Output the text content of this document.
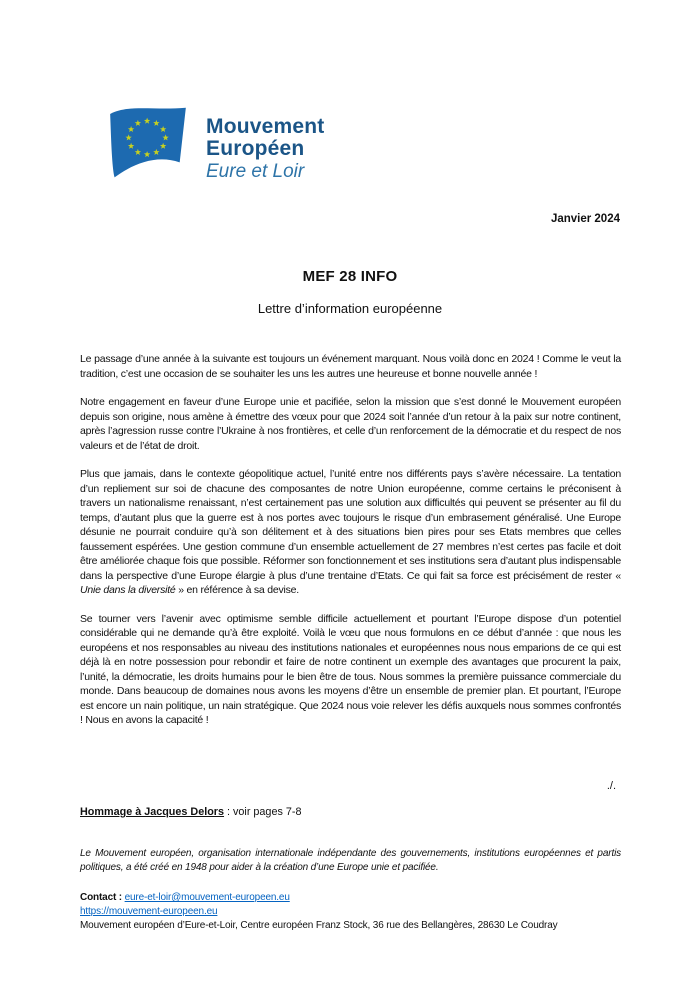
Mouvement
Européen
Eure et Loir
Janvier 2024
MEF 28 INFO
Lettre d’information européenne

Le passage d’une année à la suivante est toujours un événement marquant. Nous voilà donc en 2024 ! Comme le veut la tradition, c’est une occasion de se souhaiter les uns les autres une heureuse et bonne nouvelle année !

Notre engagement en faveur d’une Europe unie et pacifiée, selon la mission que s’est donné le Mouvement européen depuis son origine, nous amène à émettre des vœux pour que 2024 soit l’année d’un retour à la paix sur notre continent, après l’agression russe contre l’Ukraine à nos frontières, et celle d’un renforcement de la démocratie et du respect de nos valeurs et de l’état de droit.

Plus que jamais, dans le contexte géopolitique actuel, l’unité entre nos différents pays s’avère nécessaire. La tentation d’un repliement sur soi de chacune des composantes de notre Union européenne, comme certains le préconisent à travers un nationalisme renaissant, n’est certainement pas une solution aux difficultés qui peuvent se présenter au fil du temps, d’autant plus que la guerre est à nos portes avec toujours le risque d’un embrasement généralisé. Une Europe désunie ne pourrait conduire qu’à son délitement et à des situations bien pires pour ses Etats membres que celles faussement espérées. Une gestion commune d’un ensemble actuellement de 27 membres n’est certes pas facile et doit être améliorée chaque fois que possible. Réformer son fonctionnement et ses institutions sera d’autant plus indispensable dans la perspective d’une Europe élargie à plus d’une trentaine d’Etats. Ce qui fait sa force est précisément de rester « Unie dans la diversité » en référence à sa devise.

Se tourner vers l’avenir avec optimisme semble difficile actuellement et pourtant l’Europe dispose d’un potentiel considérable qui ne demande qu’à être exploité. Voilà le vœu que nous formulons en ce début d’année : que nous les européens et nos responsables au niveau des institutions nationales et européennes nous nous emparions de ce qui est déjà là en notre possession pour rebondir et faire de notre continent un exemple des avantages que procurent la paix, l’unité, la démocratie, les droits humains pour le bien être de tous. Nous sommes la première puissance commerciale du monde. Dans beaucoup de domaines nous avons les moyens d’être un ensemble de premier plan. Et pourtant, l’Europe est encore un nain politique, un nain stratégique. Que 2024 nous voie relever les défis auxquels nous sommes confrontés ! Nous en avons la capacité !

./.
Hommage à Jacques Delors : voir pages 7-8

Le Mouvement européen, organisation internationale indépendante des gouvernements, institutions européennes et partis politiques, a été créé en 1948 pour aider à la création d’une Europe unie et pacifiée.

Contact : eure-et-loir@mouvement-europeen.eu

https://mouvement-europeen.eu

Mouvement européen d’Eure-et-Loir, Centre européen Franz Stock, 36 rue des Bellangères, 28630 Le Coudray
